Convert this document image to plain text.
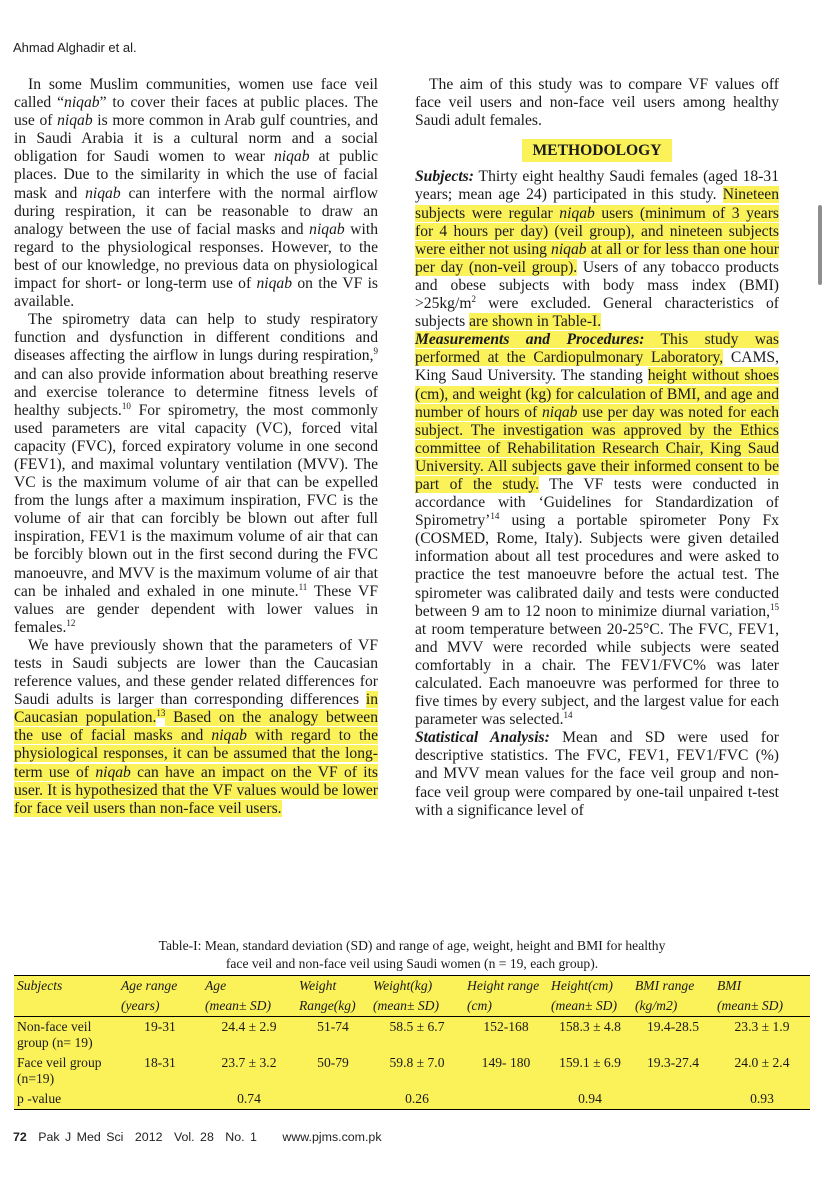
Ahmad Alghadir et al.

In some Muslim communities, women use face veil called “niqab” to cover their faces at public places. The use of niqab is more common in Arab gulf countries, and in Saudi Arabia it is a cultural norm and a social obligation for Saudi women to wear niqab at public places. Due to the similarity in which the use of facial mask and niqab can interfere with the normal airflow during respiration, it can be reasonable to draw an analogy between the use of facial masks and niqab with regard to the physiological responses. However, to the best of our knowledge, no previous data on physiological impact for short- or long-term use of niqab on the VF is available.

The spirometry data can help to study respiratory function and dysfunction in different conditions and diseases affecting the airflow in lungs during respiration,$^9$ and can also provide information about breathing reserve and exercise tolerance to determine fitness levels of healthy subjects.$^{10}$ For spirometry, the most commonly used parameters are vital capacity (VC), forced vital capacity (FVC), forced expiratory volume in one second (FEV1), and maximal voluntary ventilation (MVV). The VC is the maximum volume of air that can be expelled from the lungs after a maximum inspiration, FVC is the volume of air that can forcibly be blown out after full inspiration, FEV1 is the maximum volume of air that can be forcibly blown out in the first second during the FVC manoeuvre, and MVV is the maximum volume of air that can be inhaled and exhaled in one minute.$^{11}$ These VF values are gender dependent with lower values in females.$^{12}$

We have previously shown that the parameters of VF tests in Saudi subjects are lower than the Caucasian reference values, and these gender related differences for Saudi adults is larger than corresponding differences in Caucasian population.$^{13}$ Based on the analogy between the use of facial masks and niqab with regard to the physiological responses, it can be assumed that the long-term use of niqab can have an impact on the VF of its user. It is hypothesized that the VF values would be lower for face veil users than non-face veil users.

The aim of this study was to compare VF values off face veil users and non-face veil users among healthy Saudi adult females.

METHODOLOGY

Subjects: Thirty eight healthy Saudi females (aged 18-31 years; mean age 24) participated in this study. Nineteen subjects were regular niqab users (minimum of 3 years for 4 hours per day) (veil group), and nineteen subjects were either not using niqab at all or for less than one hour per day (non-veil group). Users of any tobacco products and obese subjects with body mass index $(BMI) >25kg/m^2$ were excluded. General characteristics of subjects are shown in Table-I.

Measurements and Procedures: This study was performed at the Cardiopulmonary Laboratory, CAMS, King Saud University. The standing height without shoes (cm), and weight (kg) for calculation of BMI, and age and number of hours of niqab use per day was noted for each subject. The investigation was approved by the Ethics committee of Rehabilitation Research Chair, King Saud University. All subjects gave their informed consent to be part of the study. The VF tests were conducted in accordance with ‘Guidelines for Standardization of Spirometry’$^{14}$ using a portable spirometer Pony Fx (COSMED, Rome, Italy). Subjects were given detailed information about all test procedures and were asked to practice the test manoeuvre before the actual test. The spirometer was calibrated daily and tests were conducted between 9 am to 12 noon to minimize diurnal variation,$^{15}$ at room temperature between 20-25°C. The FVC, FEV1, and MVV were recorded while subjects were seated comfortably in a chair. The FEV1/FVC% was later calculated. Each manoeuvre was performed for three to five times by every subject, and the largest value for each parameter was selected.$^{14}$

Statistical Analysis: Mean and SD were used for descriptive statistics. The FVC, FEV1, FEV1/FVC (%) and MVV mean values for the face veil group and non-face veil group were compared by one-tail unpaired t-test with a significance level of

Table-I: Mean, standard deviation (SD) and range of age, weight, height and BMI for healthy
face veil and non-face veil using Saudi women (n = 19, each group).
Subjects	Age range	Age	Weight	Weight(kg)	Height range	Height(cm)	BMI range	BMI
	(years)	(mean± SD)	Range(kg)	(mean± SD)	(cm)	(mean± SD)	(kg/m2)	(mean± SD)
Non-face veil group (n= 19)	19-31	24.4 ± 2.9	51-74	58.5 ± 6.7	152-168	158.3 ± 4.8	19.4-28.5	23.3 ± 1.9
Face veil group (n=19)	18-31	23.7 ± 3.2	50-79	59.8 ± 7.0	149- 180	159.1 ± 6.9	19.3-27.4	24.0 ± 2.4
p -value		0.74		0.26		0.94		0.93
72 Pak J Med Sci 2012 Vol. 28 No. 1 www.pjms.com.pk
